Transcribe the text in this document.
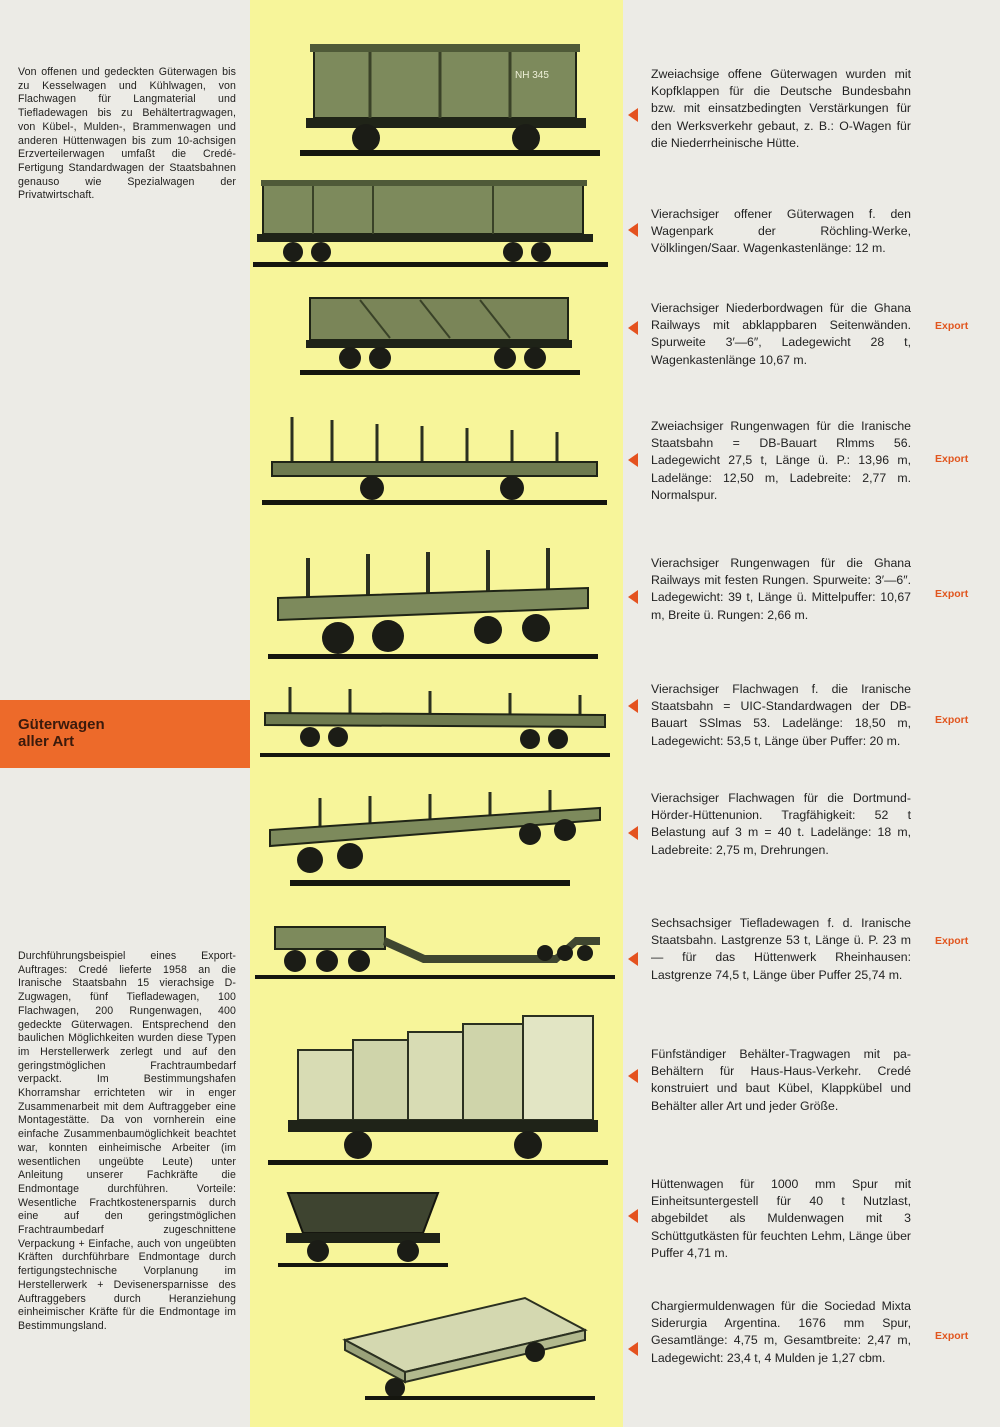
Von offenen und gedeckten Güterwagen bis zu Kesselwagen und Kühlwagen, von Flachwagen für Langmaterial und Tiefladewagen bis zu Behältertragwagen, von Kübel-, Mulden-, Brammenwagen und anderen Hüttenwagen bis zum 10-achsigen Erzverteilerwagen umfaßt die Credé-Fertigung Standardwagen der Staatsbahnen genauso wie Spezialwagen der Privatwirtschaft.
Güterwagen
aller Art
Durchführungsbeispiel eines Export-Auftrages: Credé lieferte 1958 an die Iranische Staatsbahn 15 vierachsige D-Zugwagen, fünf Tiefladewagen, 100 Flachwagen, 200 Rungenwagen, 400 gedeckte Güterwagen. Entsprechend den baulichen Möglichkeiten wurden diese Typen im Herstellerwerk zerlegt und auf den geringstmöglichen Frachtraumbedarf verpackt. Im Bestimmungshafen Khorramshar errichteten wir in enger Zusammenarbeit mit dem Auftraggeber eine Montagestätte. Da von vornherein eine einfache Zusammenbaumöglichkeit beachtet war, konnten einheimische Arbeiter (im wesentlichen ungeübte Leute) unter Anleitung unserer Fachkräfte die Endmontage durchführen. Vorteile: Wesentliche Frachtkostenersparnis durch eine auf den geringstmöglichen Frachtraumbedarf zugeschnittene Verpackung + Einfache, auch von ungeübten Kräften durchführbare Endmontage durch fertigungstechnische Vorplanung im Herstellerwerk + Devisenersparnisse des Auftraggebers durch Heranziehung einheimischer Kräfte für die Endmontage im Bestimmungsland.
NH 345	Zweiachsige offene Güterwagen wurden mit Kopfklappen für die Deutsche Bundesbahn bzw. mit einsatzbedingten Verstärkungen für den Werksverkehr gebaut, z. B.: O-Wagen für die Niederrheinische Hütte.
Vierachsiger offener Güterwagen f. den Wagenpark der Röchling-Werke, Völklingen/Saar. Wagenkastenlänge: 12 m.
Vierachsiger Niederbordwagen für die Ghana Railways mit abklappbaren Seitenwänden. Spurweite 3′—6″, Ladegewicht 28 t, Wagenkastenlänge 10,67 m.
Export
Zweiachsiger Rungenwagen für die Iranische Staatsbahn = DB-Bauart Rlmms 56. Ladegewicht 27,5 t, Länge ü. P.: 13,96 m, Ladelänge: 12,50 m, Ladebreite: 2,77 m. Normalspur.
Export
Vierachsiger Rungenwagen für die Ghana Railways mit festen Rungen. Spurweite: 3′—6″. Ladegewicht: 39 t, Länge ü. Mittelpuffer: 10,67 m, Breite ü. Rungen: 2,66 m.
Export
Vierachsiger Flachwagen f. die Iranische Staatsbahn = UIC-Standardwagen der DB-Bauart SSlmas 53. Ladelänge: 18,50 m, Ladegewicht: 53,5 t, Länge über Puffer: 20 m.
Export
Vierachsiger Flachwagen für die Dortmund-Hörder-Hüttenunion. Tragfähigkeit: 52 t Belastung auf 3 m = 40 t. Ladelänge: 18 m, Ladebreite: 2,75 m, Drehrungen.
Sechsachsiger Tiefladewagen f. d. Iranische Staatsbahn. Lastgrenze 53 t, Länge ü. P. 23 m — für das Hüttenwerk Rheinhausen: Lastgrenze 74,5 t, Länge über Puffer 25,74 m.
Export
Fünfständiger Behälter-Tragwagen mit pa-Behältern für Haus-Haus-Verkehr. Credé konstruiert und baut Kübel, Klappkübel und Behälter aller Art und jeder Größe.
Hüttenwagen für 1000 mm Spur mit Einheitsuntergestell für 40 t Nutzlast, abgebildet als Muldenwagen mit 3 Schüttgutkästen für feuchten Lehm, Länge über Puffer 4,71 m.
Chargiermuldenwagen für die Sociedad Mixta Siderurgia Argentina. 1676 mm Spur, Gesamtlänge: 4,75 m, Gesamtbreite: 2,47 m, Ladegewicht: 23,4 t, 4 Mulden je 1,27 cbm.
Export
